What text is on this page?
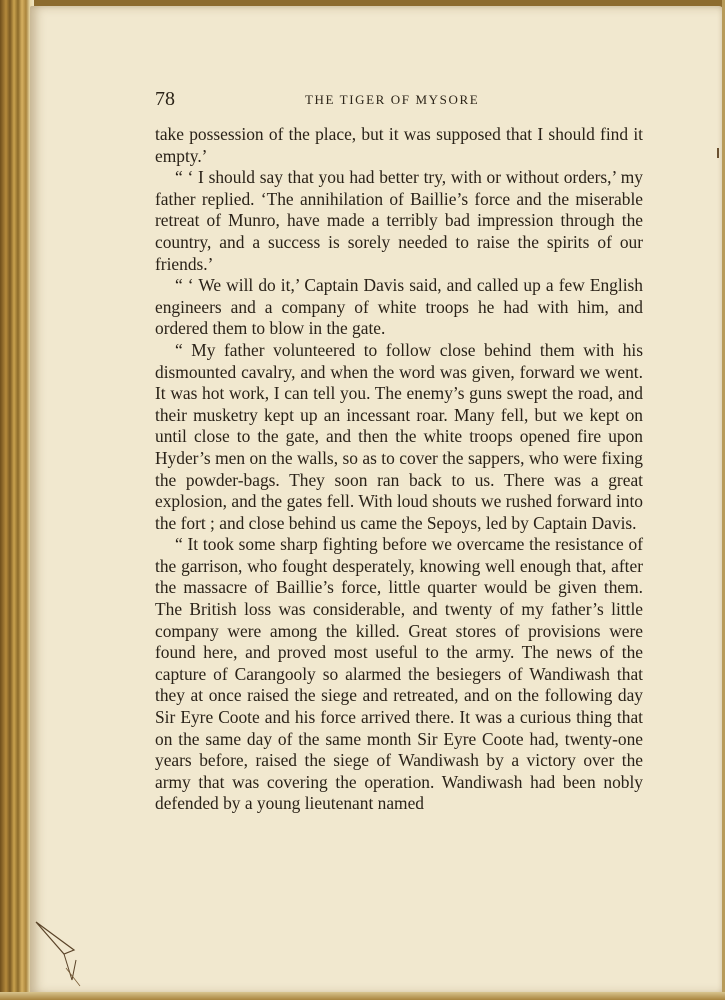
78	THE TIGER OF MYSORE

take possession of the place, but it was supposed that I should find it empty.’

“ ‘ I should say that you had better try, with or without orders,’ my father replied. ‘The annihilation of Baillie’s force and the miserable retreat of Munro, have made a terribly bad impression through the country, and a success is sorely needed to raise the spirits of our friends.’

“ ‘ We will do it,’ Captain Davis said, and called up a few English engineers and a company of white troops he had with him, and ordered them to blow in the gate.

“ My father volunteered to follow close behind them with his dismounted cavalry, and when the word was given, forward we went. It was hot work, I can tell you. The enemy’s guns swept the road, and their musketry kept up an incessant roar. Many fell, but we kept on until close to the gate, and then the white troops opened fire upon Hyder’s men on the walls, so as to cover the sappers, who were fixing the powder-bags. They soon ran back to us. There was a great explosion, and the gates fell. With loud shouts we rushed forward into the fort ; and close behind us came the Sepoys, led by Captain Davis.

“ It took some sharp fighting before we overcame the resistance of the garrison, who fought desperately, knowing well enough that, after the massacre of Baillie’s force, little quarter would be given them. The British loss was considerable, and twenty of my father’s little company were among the killed. Great stores of provisions were found here, and proved most useful to the army. The news of the capture of Carangooly so alarmed the besiegers of Wandiwash that they at once raised the siege and retreated, and on the following day Sir Eyre Coote and his force arrived there. It was a curious thing that on the same day of the same month Sir Eyre Coote had, twenty-one years before, raised the siege of Wandiwash by a victory over the army that was covering the operation. Wandiwash had been nobly defended by a young lieutenant named
